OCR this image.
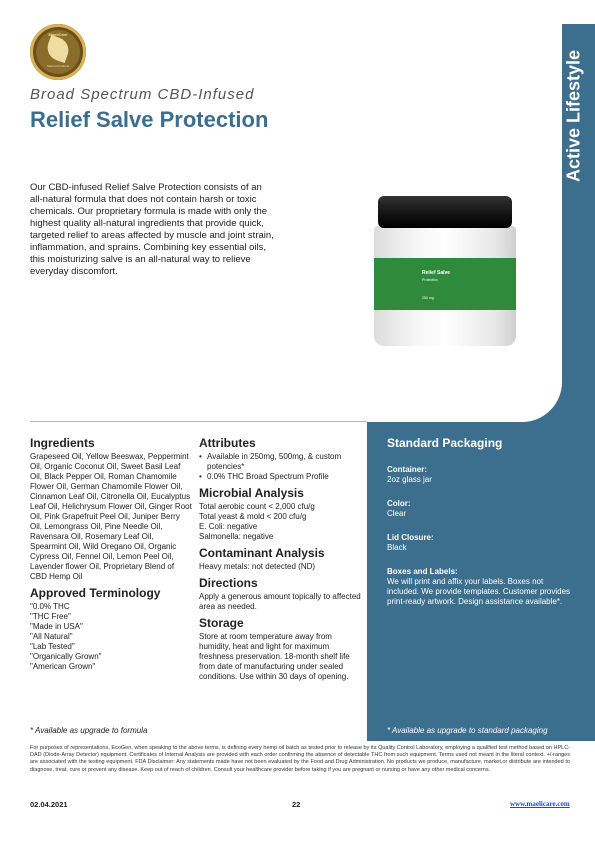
Active Lifestyle
MaeliCare
Natural Products
Broad Spectrum CBD-Infused
Relief Salve Protection
Our CBD-infused Relief Salve Protection consists of an all-natural formula that does not contain harsh or toxic chemicals. Our proprietary formula is made with only the highest quality all-natural ingredients that provide quick, targeted relief to areas affected by muscle and joint strain, inflammation, and sprains. Combining key essential oils, this moisturizing salve is an all-natural way to relieve everyday discomfort.	Relief Salve
Protection
250 mg
Ingredients

Grapeseed Oil, Yellow Beeswax, Peppermint Oil, Organic Coconut Oil, Sweet Basil Leaf Oil, Black Pepper Oil, Roman Chamomile Flower Oil, German Chamomile Flower Oil, Cinnamon Leaf Oil, Citronella Oil, Eucalyptus Leaf Oil, Helichrysum Flower Oil, Ginger Root Oil, Pink Grapefruit Peel Oil, Juniper Berry Oil, Lemongrass Oil, Pine Needle Oil, Ravensara Oil, Rosemary Leaf Oil, Spearmint Oil, Wild Oregano Oil, Organic Cypress Oil, Fennel Oil, Lemon Peel Oil, Lavender flower Oil, Proprietary Blend of CBD Hemp Oil

Approved Terminology

"0.0% THC

"THC Free"

"Made in USA"

"All Natural"

"Lab Tested"

"Organically Grown"

"American Grown"

Attributes
• Available in 250mg, 500mg, & custom potencies*
• 0.0% THC Broad Spectrum Profile
Microbial Analysis

Total aerobic count < 2,000 cfu/g

Total yeast & mold < 200 cfu/g

E. Coli: negative

Salmonella: negative

Contaminant Analysis

Heavy metals: not detected (ND)

Directions

Apply a generous amount topically to affected area as needed.

Storage

Store at room temperature away from humidity, heat and light for maximum freshness preservation. 18-month shelf life from date of manufacturing under sealed conditions. Use within 30 days of opening.

Standard Packaging
Container:
2oz glass jar
Color:
Clear
Lid Closure:
Black
Boxes and Labels:
We will print and affix your labels. Boxes not included. We provide templates. Customer provides print-ready artwork. Design assistance available*.
* Available as upgrade to formula	* Available as upgrade to standard packaging
For purposes of representations, EcoGen, when speaking to the above terms, is defining every hemp oil batch as tested prior to release by its Quality Control Laboratory, employing a qualified test method based on HPLC-DAD (Diode-Array Detector) equipment. Certificates of Internal Analysis are provided with each order confirming the absence of detectable THC from such equipment. Terms used not meant in the literal context. +/-ranges are associated with the testing equipment. FDA Disclaimer: Any statements made have not been evaluated by the Food and Drug Administration. No products we produce, manufacture, market,or distribute are intended to diagnose, treat, cure or prevent any disease. Keep out of reach of children. Consult your healthcare provider before taking if you are pregnant or nursing or have any other medical concerns.
02.04.2021	22	www.maelicare.com
